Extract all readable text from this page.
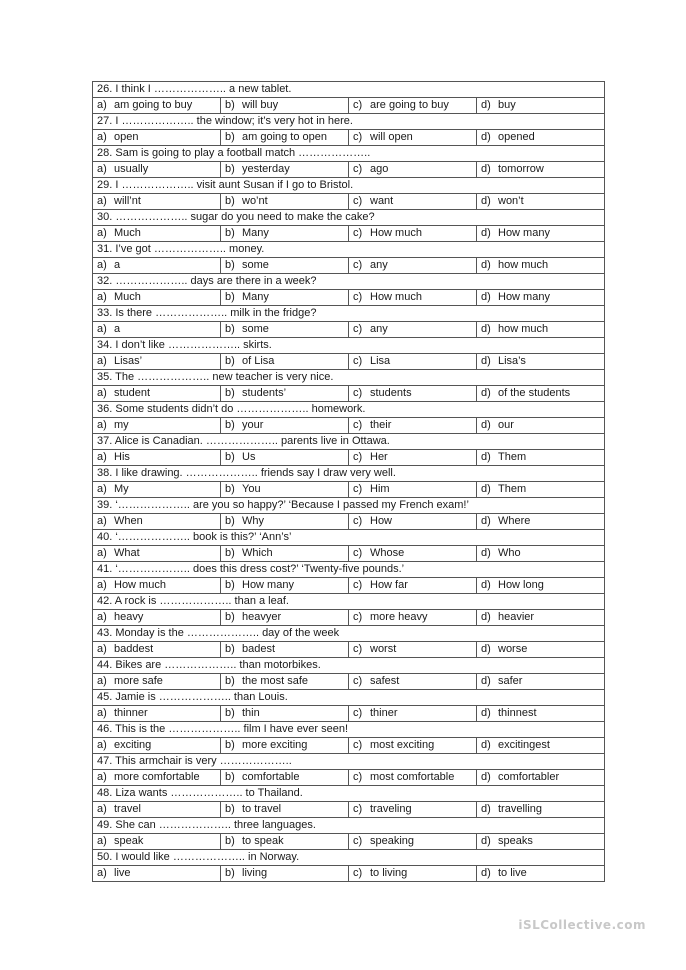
26. I think I ……………….. a new tablet.			
a) am going to buy	b) will buy	c) are going to buy	d) buy
27. I ……………….. the window; it’s very hot in here.			
a) open	b) am going to open	c) will open	d) opened
28. Sam is going to play a football match ………………..			
a) usually	b) yesterday	c) ago	d) tomorrow
29. I ……………….. visit aunt Susan if I go to Bristol.			
a) will’nt	b) wo’nt	c) want	d) won’t
30. ……………….. sugar do you need to make the cake?			
a) Much	b) Many	c) How much	d) How many
31. I’ve got ……………….. money.			
a) a	b) some	c) any	d) how much
32. ……………….. days are there in a week?			
a) Much	b) Many	c) How much	d) How many
33. Is there ……………….. milk in the fridge?			
a) a	b) some	c) any	d) how much
34. I don’t like ……………….. skirts.			
a) Lisas’	b) of Lisa	c) Lisa	d) Lisa’s
35. The ……………….. new teacher is very nice.			
a) student	b) students’	c) students	d) of the students
36. Some students didn’t do ……………….. homework.			
a) my	b) your	c) their	d) our
37. Alice is Canadian. ……………….. parents live in Ottawa.			
a) His	b) Us	c) Her	d) Them
38. I like drawing. ……………….. friends say I draw very well.			
a) My	b) You	c) Him	d) Them
39. ‘……………….. are you so happy?’ ‘Because I passed my French exam!’			
a) When	b) Why	c) How	d) Where
40. ‘……………….. book is this?’ ‘Ann’s’			
a) What	b) Which	c) Whose	d) Who
41. ‘……………….. does this dress cost?’ ‘Twenty-five pounds.’			
a) How much	b) How many	c) How far	d) How long
42. A rock is ……………….. than a leaf.			
a) heavy	b) heavyer	c) more heavy	d) heavier
43. Monday is the ……………….. day of the week			
a) baddest	b) badest	c) worst	d) worse
44. Bikes are ……………….. than motorbikes.			
a) more safe	b) the most safe	c) safest	d) safer
45. Jamie is ……………….. than Louis.			
a) thinner	b) thin	c) thiner	d) thinnest
46. This is the ……………….. film I have ever seen!			
a) exciting	b) more exciting	c) most exciting	d) excitingest
47. This armchair is very ………………..			
a) more comfortable	b) comfortable	c) most comfortable	d) comfortabler
48. Liza wants ……………….. to Thailand.			
a) travel	b) to travel	c) traveling	d) travelling
49. She can ……………….. three languages.			
a) speak	b) to speak	c) speaking	d) speaks
50. I would like ……………….. in Norway.			
a) live	b) living	c) to living	d) to live
iSLCollective.com
